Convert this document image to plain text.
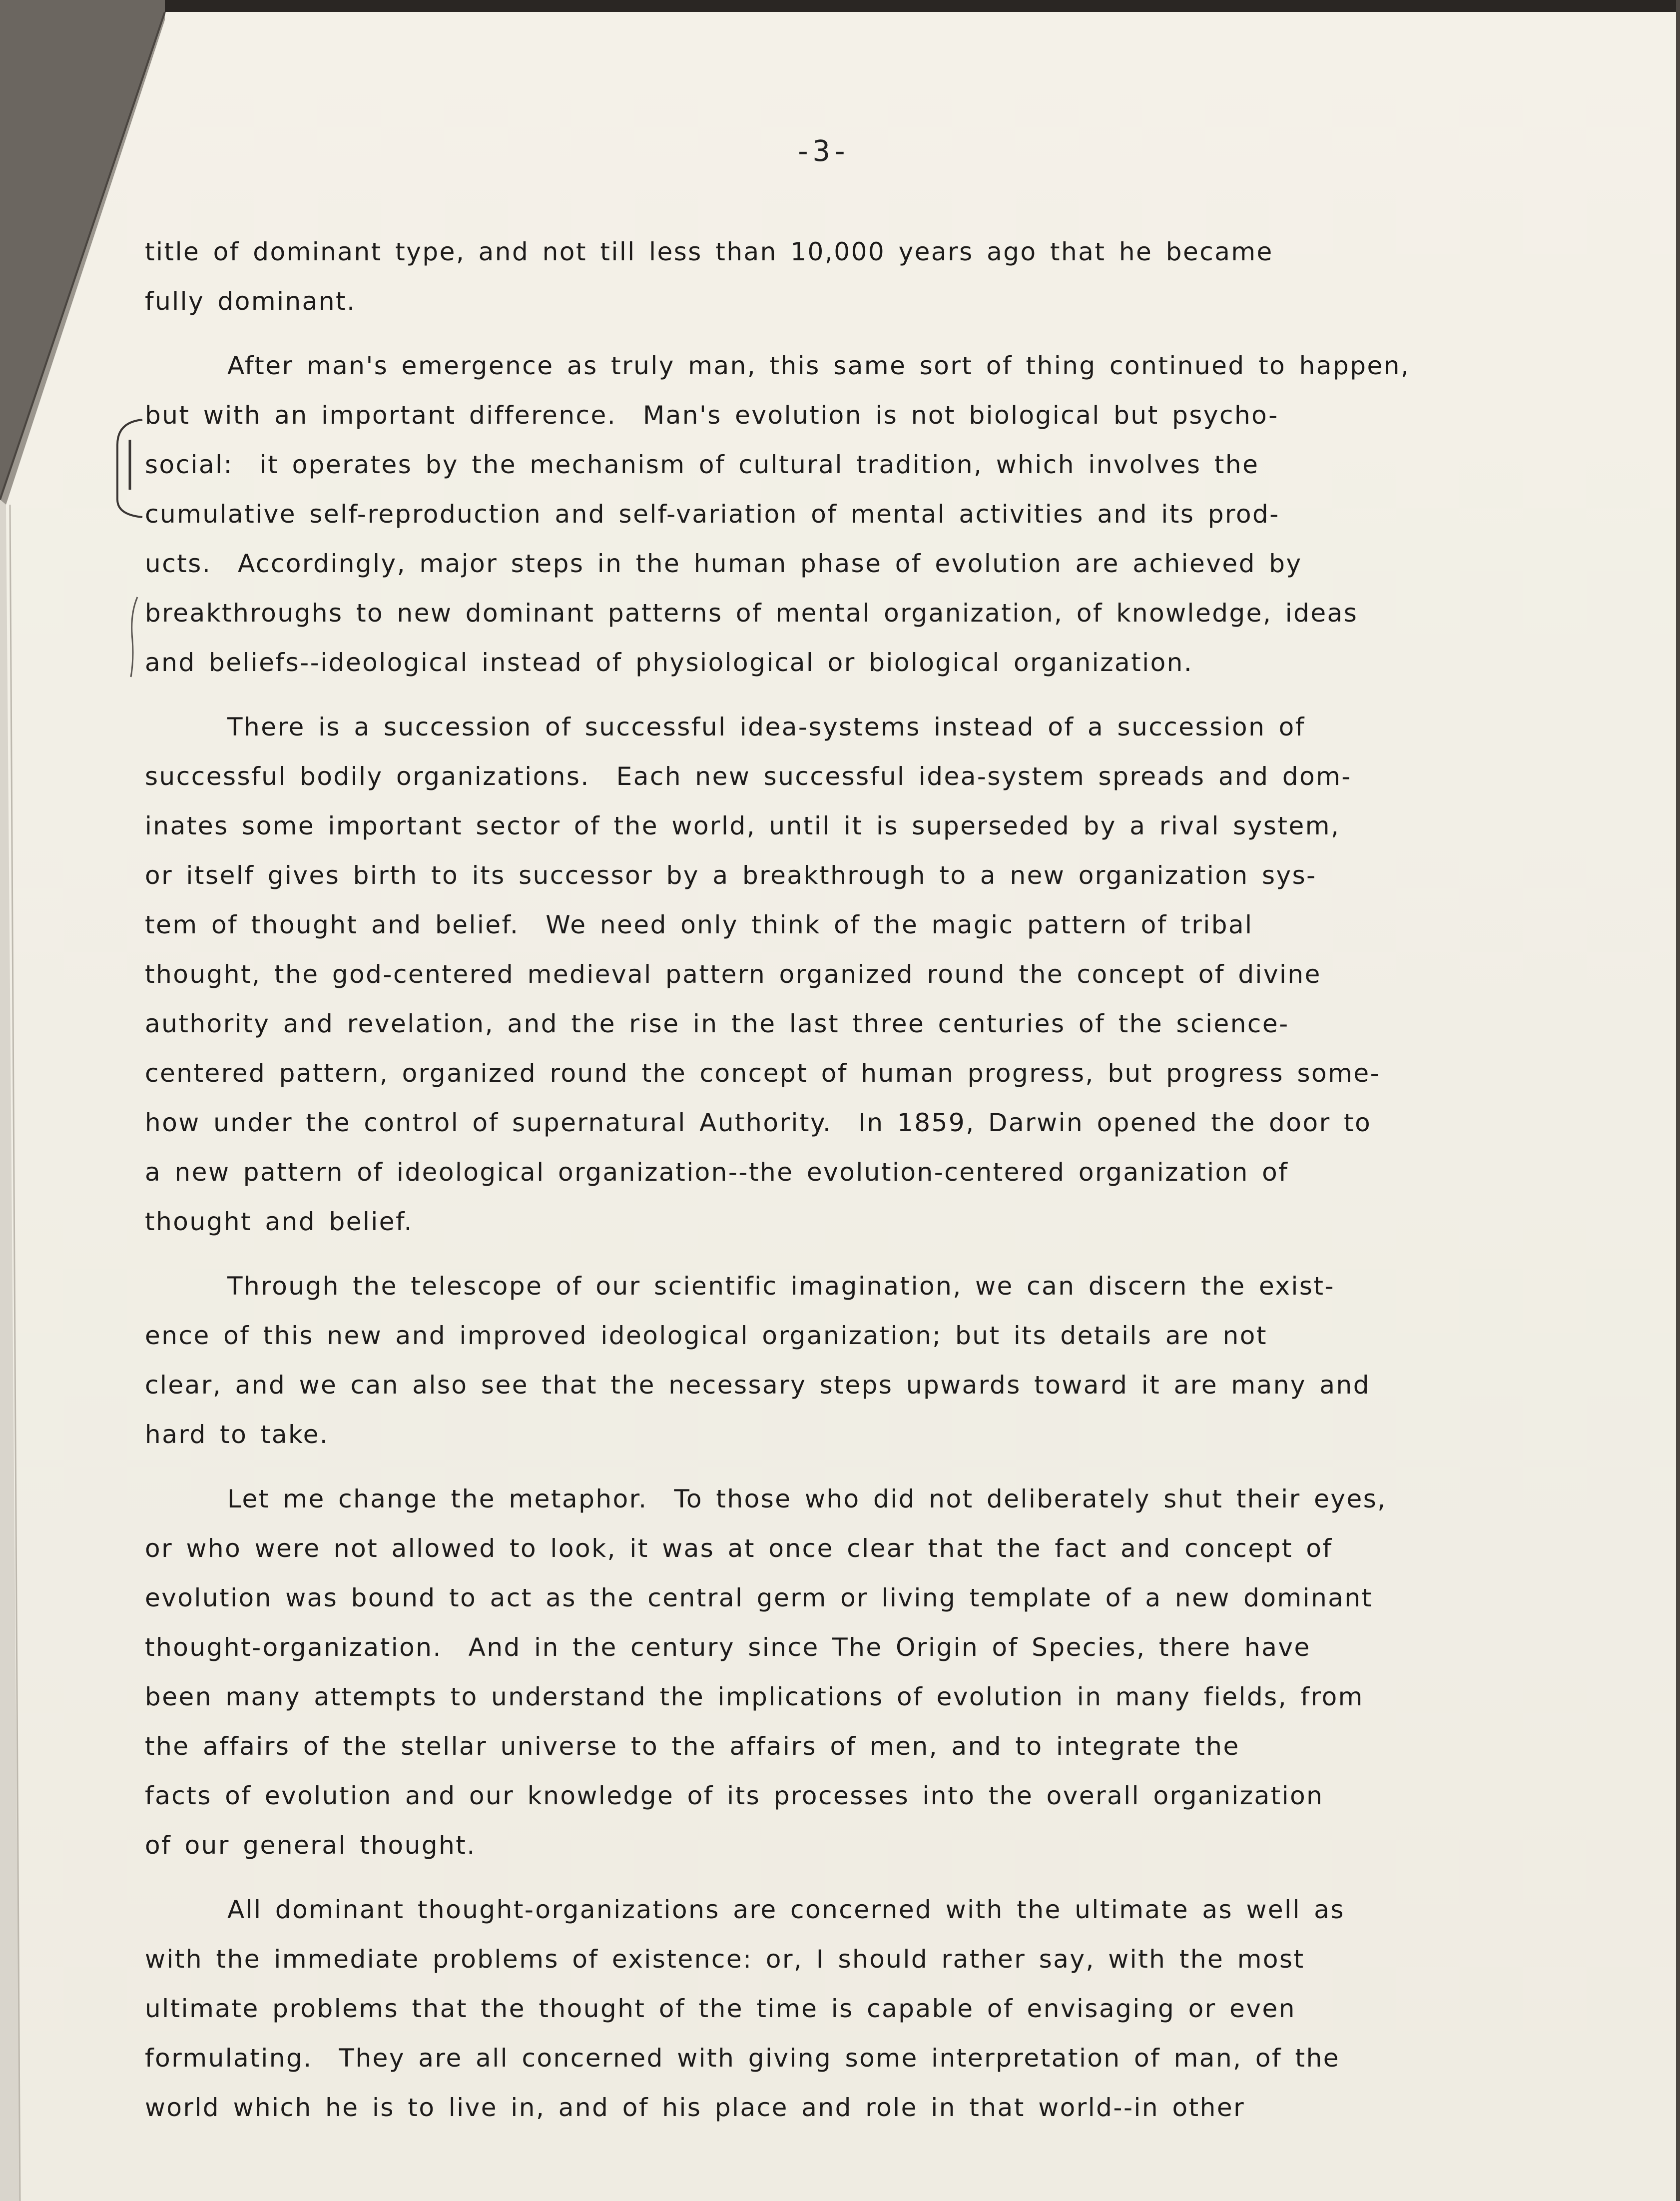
-3-
title of dominant type, and not till less than 10,000 years ago that he became
fully dominant.
After man's emergence as truly man, this same sort of thing continued to happen,
but with an important difference.  Man's evolution is not biological but psycho-
social:  it operates by the mechanism of cultural tradition, which involves the
cumulative self-reproduction and self-variation of mental activities and its prod-
ucts.  Accordingly, major steps in the human phase of evolution are achieved by
breakthroughs to new dominant patterns of mental organization, of knowledge, ideas
and beliefs--ideological instead of physiological or biological organization.
There is a succession of successful idea-systems instead of a succession of
successful bodily organizations.  Each new successful idea-system spreads and dom-
inates some important sector of the world, until it is superseded by a rival system,
or itself gives birth to its successor by a breakthrough to a new organization sys-
tem of thought and belief.  We need only think of the magic pattern of tribal
thought, the god-centered medieval pattern organized round the concept of divine
authority and revelation, and the rise in the last three centuries of the science-
centered pattern, organized round the concept of human progress, but progress some-
how under the control of supernatural Authority.  In 1859, Darwin opened the door to
a new pattern of ideological organization--the evolution-centered organization of
thought and belief.
Through the telescope of our scientific imagination, we can discern the exist-
ence of this new and improved ideological organization; but its details are not
clear, and we can also see that the necessary steps upwards toward it are many and
hard to take.
Let me change the metaphor.  To those who did not deliberately shut their eyes,
or who were not allowed to look, it was at once clear that the fact and concept of
evolution was bound to act as the central germ or living template of a new dominant
thought-organization.  And in the century since The Origin of Species, there have
been many attempts to understand the implications of evolution in many fields, from
the affairs of the stellar universe to the affairs of men, and to integrate the
facts of evolution and our knowledge of its processes into the overall organization
of our general thought.
All dominant thought-organizations are concerned with the ultimate as well as
with the immediate problems of existence: or, I should rather say, with the most
ultimate problems that the thought of the time is capable of envisaging or even
formulating.  They are all concerned with giving some interpretation of man, of the
world which he is to live in, and of his place and role in that world--in other
